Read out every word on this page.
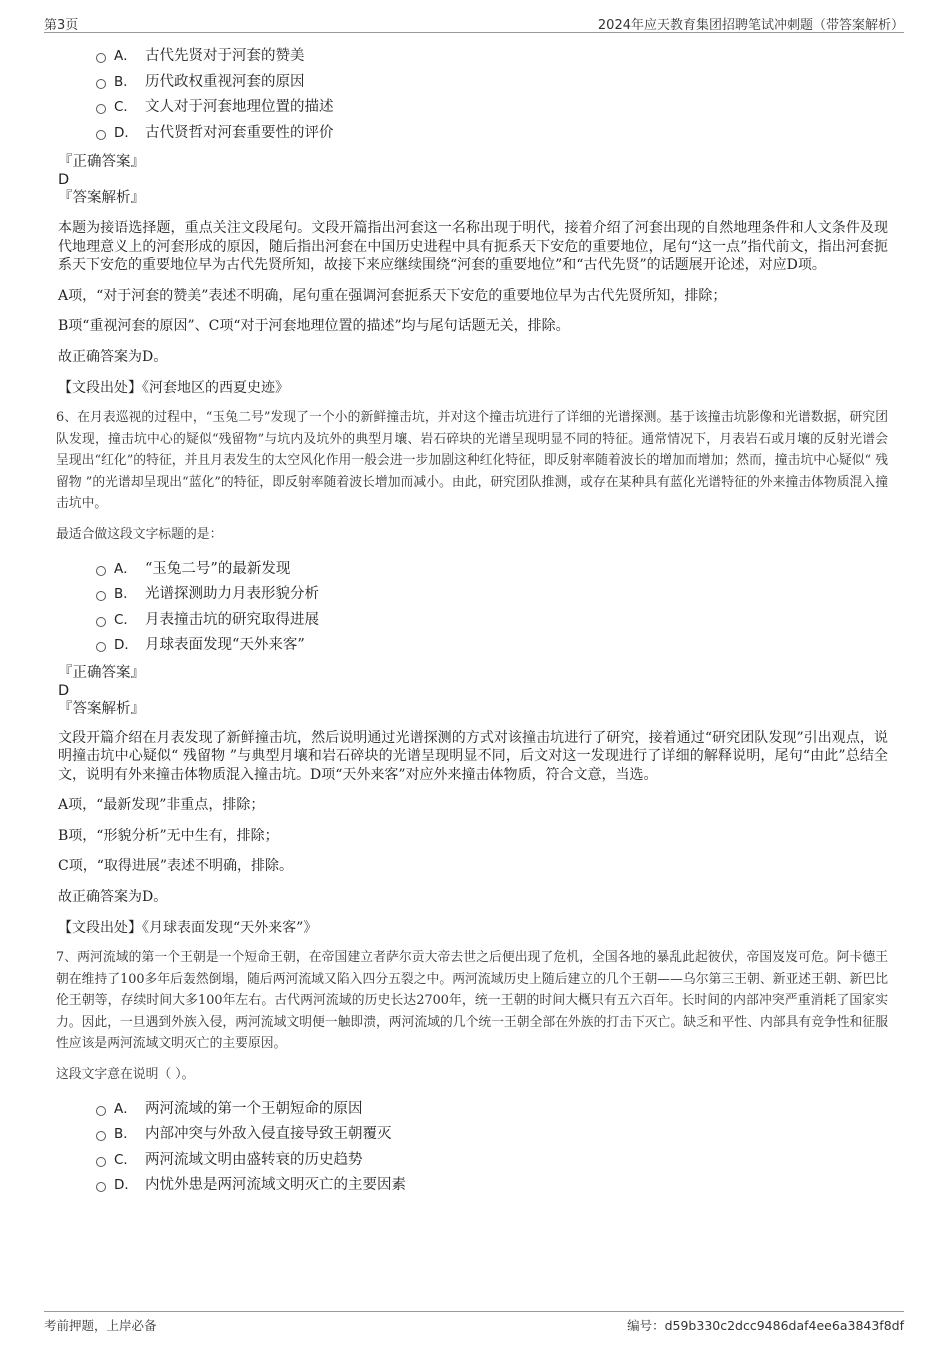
第3页	2024年应天教育集团招聘笔试冲刺题（带答案解析）
A． 古代先贤对于河套的赞美
B． 历代政权重视河套的原因
C． 文人对于河套地理位置的描述
D． 古代贤哲对河套重要性的评价
『正确答案』
D
『答案解析』

本题为接语选择题，重点关注文段尾句。文段开篇指出河套这一名称出现于明代，接着介绍了河套出现的自然地理条件和人文条件及现代地理意义上的河套形成的原因，随后指出河套在中国历史进程中具有扼系天下安危的重要地位，尾句“这一点”指代前文，指出河套扼系天下安危的重要地位早为古代先贤所知，故接下来应继续围绕“河套的重要地位”和“古代先贤”的话题展开论述，对应D项。

A项，“对于河套的赞美”表述不明确，尾句重在强调河套扼系天下安危的重要地位早为古代先贤所知，排除；

B项“重视河套的原因”、C项“对于河套地理位置的描述”均与尾句话题无关，排除。

故正确答案为D。

【文段出处】《河套地区的西夏史迹》

6、在月表巡视的过程中，“玉兔二号”发现了一个小的新鲜撞击坑，并对这个撞击坑进行了详细的光谱探测。基于该撞击坑影像和光谱数据，研究团队发现，撞击坑中心的疑似“残留物”与坑内及坑外的典型月壤、岩石碎块的光谱呈现明显不同的特征。通常情况下，月表岩石或月壤的反射光谱会呈现出“红化”的特征，并且月表发生的太空风化作用一般会进一步加剧这种红化特征，即反射率随着波长的增加而增加；然而，撞击坑中心疑似“ 残留物 ”的光谱却呈现出“蓝化”的特征，即反射率随着波长增加而减小。由此，研究团队推测，或存在某种具有蓝化光谱特征的外来撞击体物质混入撞击坑中。

最适合做这段文字标题的是：

A． “玉兔二号”的最新发现
B． 光谱探测助力月表形貌分析
C． 月表撞击坑的研究取得进展
D． 月球表面发现“天外来客”
『正确答案』
D
『答案解析』

文段开篇介绍在月表发现了新鲜撞击坑，然后说明通过光谱探测的方式对该撞击坑进行了研究，接着通过“研究团队发现”引出观点，说明撞击坑中心疑似“ 残留物 ”与典型月壤和岩石碎块的光谱呈现明显不同，后文对这一发现进行了详细的解释说明，尾句“由此”总结全文，说明有外来撞击体物质混入撞击坑。D项“天外来客”对应外来撞击体物质，符合文意，当选。

A项，“最新发现”非重点，排除；

B项，“形貌分析”无中生有，排除；

C项，“取得进展”表述不明确，排除。

故正确答案为D。

【文段出处】《月球表面发现“天外来客”》

7、两河流域的第一个王朝是一个短命王朝，在帝国建立者萨尔贡大帝去世之后便出现了危机，全国各地的暴乱此起彼伏，帝国岌岌可危。阿卡德王朝在维持了100多年后轰然倒塌，随后两河流域又陷入四分五裂之中。两河流域历史上随后建立的几个王朝——乌尔第三王朝、新亚述王朝、新巴比伦王朝等，存续时间大多100年左右。古代两河流域的历史长达2700年，统一王朝的时间大概只有五六百年。长时间的内部冲突严重消耗了国家实力。因此，一旦遇到外族入侵，两河流域文明便一触即溃，两河流域的几个统一王朝全部在外族的打击下灭亡。缺乏和平性、内部具有竞争性和征服性应该是两河流域文明灭亡的主要原因。

这段文字意在说明（ ）。

A． 两河流域的第一个王朝短命的原因
B． 内部冲突与外敌入侵直接导致王朝覆灭
C． 两河流域文明由盛转衰的历史趋势
D． 内忧外患是两河流域文明灭亡的主要因素
考前押题，上岸必备	编号：d59b330c2dcc9486daf4ee6a3843f8df
